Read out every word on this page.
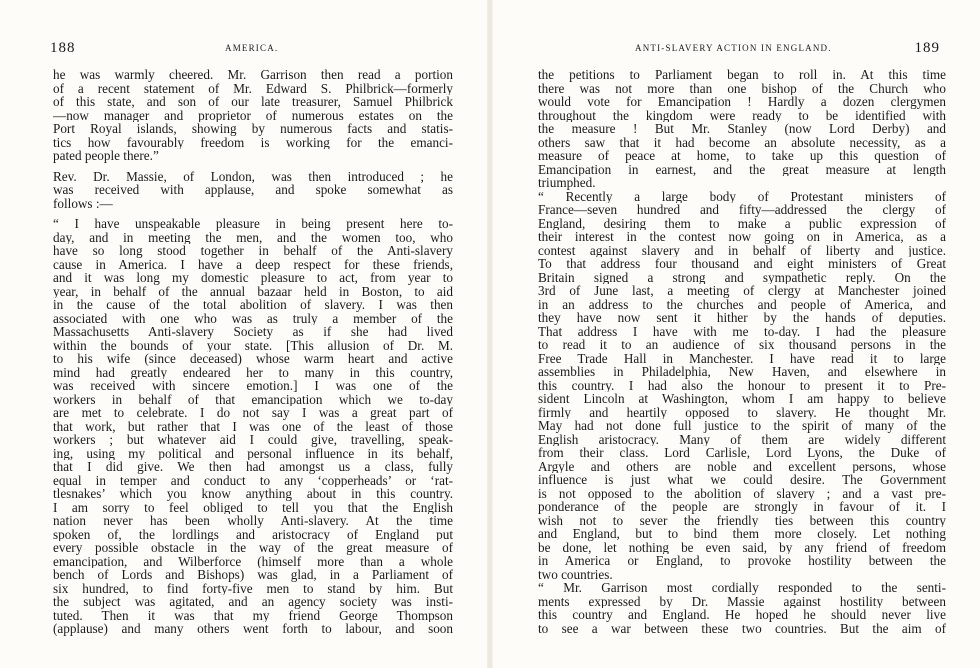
188	AMERICA.
he was warmly cheered. Mr. Garrison then read a portion
of a recent statement of Mr. Edward S. Philbrick—formerly
of this state, and son of our late treasurer, Samuel Philbrick
—now manager and proprietor of numerous estates on the
Port Royal islands, showing by numerous facts and statis-
tics how favourably freedom is working for the emanci-
pated people there.”
Rev. Dr. Massie, of London, was then introduced ; he
was received with applause, and spoke somewhat as
follows :—
“ I have unspeakable pleasure in being present here to-
day, and in meeting the men, and the women too, who
have so long stood together in behalf of the Anti-slavery
cause in America. I have a deep respect for these friends,
and it was long my domestic pleasure to act, from year to
year, in behalf of the annual bazaar held in Boston, to aid
in the cause of the total abolition of slavery. I was then
associated with one who was as truly a member of the
Massachusetts Anti-slavery Society as if she had lived
within the bounds of your state. [This allusion of Dr. M.
to his wife (since deceased) whose warm heart and active
mind had greatly endeared her to many in this country,
was received with sincere emotion.] I was one of the
workers in behalf of that emancipation which we to-day
are met to celebrate. I do not say I was a great part of
that work, but rather that I was one of the least of those
workers ; but whatever aid I could give, travelling, speak-
ing, using my political and personal influence in its behalf,
that I did give. We then had amongst us a class, fully
equal in temper and conduct to any ‘copperheads’ or ‘rat-
tlesnakes’ which you know anything about in this country.
I am sorry to feel obliged to tell you that the English
nation never has been wholly Anti-slavery. At the time
spoken of, the lordlings and aristocracy of England put
every possible obstacle in the way of the great measure of
emancipation, and Wilberforce (himself more than a whole
bench of Lords and Bishops) was glad, in a Parliament of
six hundred, to find forty-five men to stand by him. But
the subject was agitated, and an agency society was insti-
tuted. Then it was that my friend George Thompson
(applause) and many others went forth to labour, and soon
ANTI-SLAVERY ACTION IN ENGLAND.	189
the petitions to Parliament began to roll in. At this time
there was not more than one bishop of the Church who
would vote for Emancipation ! Hardly a dozen clergymen
throughout the kingdom were ready to be identified with
the measure ! But Mr. Stanley (now Lord Derby) and
others saw that it had become an absolute necessity, as a
measure of peace at home, to take up this question of
Emancipation in earnest, and the great measure at length
triumphed.
“ Recently a large body of Protestant ministers of
France—seven hundred and fifty—addressed the clergy of
England, desiring them to make a public expression of
their interest in the contest now going on in America, as a
contest against slavery and in behalf of liberty and justice.
To that address four thousand and eight ministers of Great
Britain signed a strong and sympathetic reply. On the
3rd of June last, a meeting of clergy at Manchester joined
in an address to the churches and people of America, and
they have now sent it hither by the hands of deputies.
That address I have with me to-day. I had the pleasure
to read it to an audience of six thousand persons in the
Free Trade Hall in Manchester. I have read it to large
assemblies in Philadelphia, New Haven, and elsewhere in
this country. I had also the honour to present it to Pre-
sident Lincoln at Washington, whom I am happy to believe
firmly and heartily opposed to slavery. He thought Mr.
May had not done full justice to the spirit of many of the
English aristocracy. Many of them are widely different
from their class. Lord Carlisle, Lord Lyons, the Duke of
Argyle and others are noble and excellent persons, whose
influence is just what we could desire. The Government
is not opposed to the abolition of slavery ; and a vast pre-
ponderance of the people are strongly in favour of it. I
wish not to sever the friendly ties between this country
and England, but to bind them more closely. Let nothing
be done, let nothing be even said, by any friend of freedom
in America or England, to provoke hostility between the
two countries.
“ Mr. Garrison most cordially responded to the senti-
ments expressed by Dr. Massie against hostility between
this country and England. He hoped he should never live
to see a war between these two countries. But the aim of
